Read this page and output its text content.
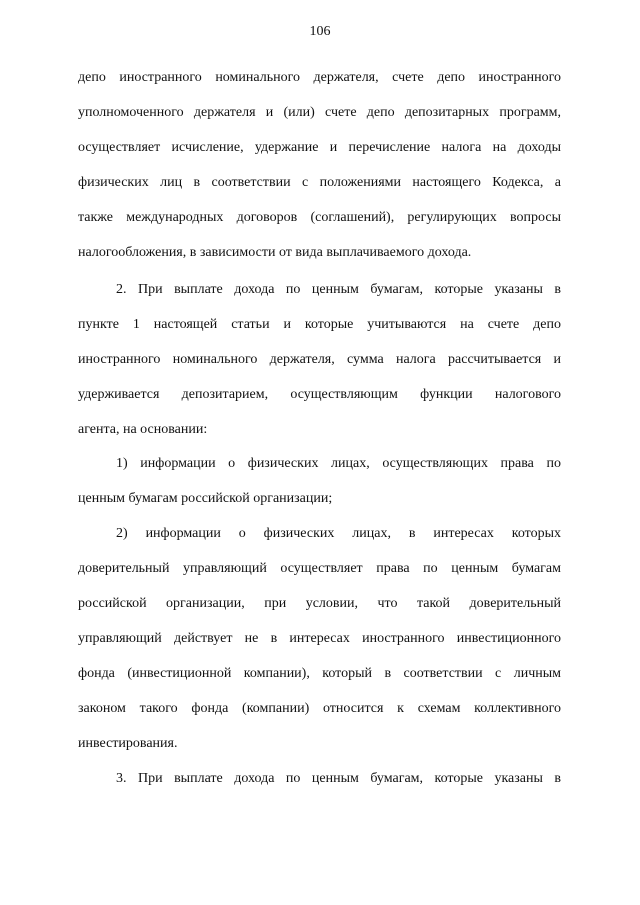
106
депо иностранного номинального держателя, счете депо иностранного
уполномоченного держателя и (или) счете депо депозитарных программ,
осуществляет исчисление, удержание и перечисление налога на доходы
физических лиц в соответствии с положениями настоящего Кодекса, а
также международных договоров (соглашений), регулирующих вопросы
налогообложения, в зависимости от вида выплачиваемого дохода.
2. При выплате дохода по ценным бумагам, которые указаны в
пункте 1 настоящей статьи и которые учитываются на счете депо
иностранного номинального держателя, сумма налога рассчитывается и
удерживается депозитарием, осуществляющим функции налогового
агента, на основании:
1) информации о физических лицах, осуществляющих права по
ценным бумагам российской организации;
2) информации о физических лицах, в интересах которых
доверительный управляющий осуществляет права по ценным бумагам
российской организации, при условии, что такой доверительный
управляющий действует не в интересах иностранного инвестиционного
фонда (инвестиционной компании), который в соответствии с личным
законом такого фонда (компании) относится к схемам коллективного
инвестирования.
3. При выплате дохода по ценным бумагам, которые указаны в
